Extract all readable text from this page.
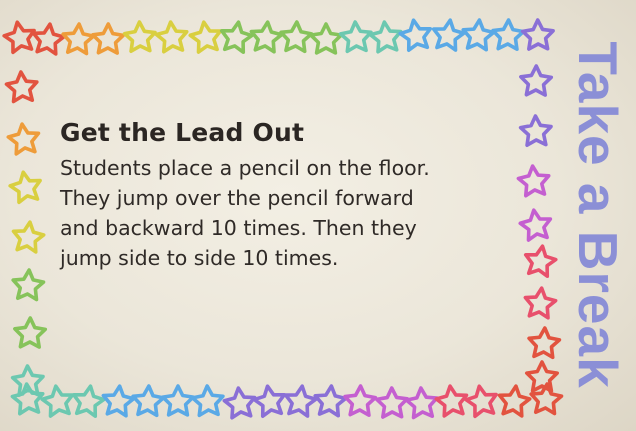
Get the Lead Out

Students place a pencil on the floor.
They jump over the pencil forward
and backward 10 times. Then they
jump side to side 10 times.	Take a Break
